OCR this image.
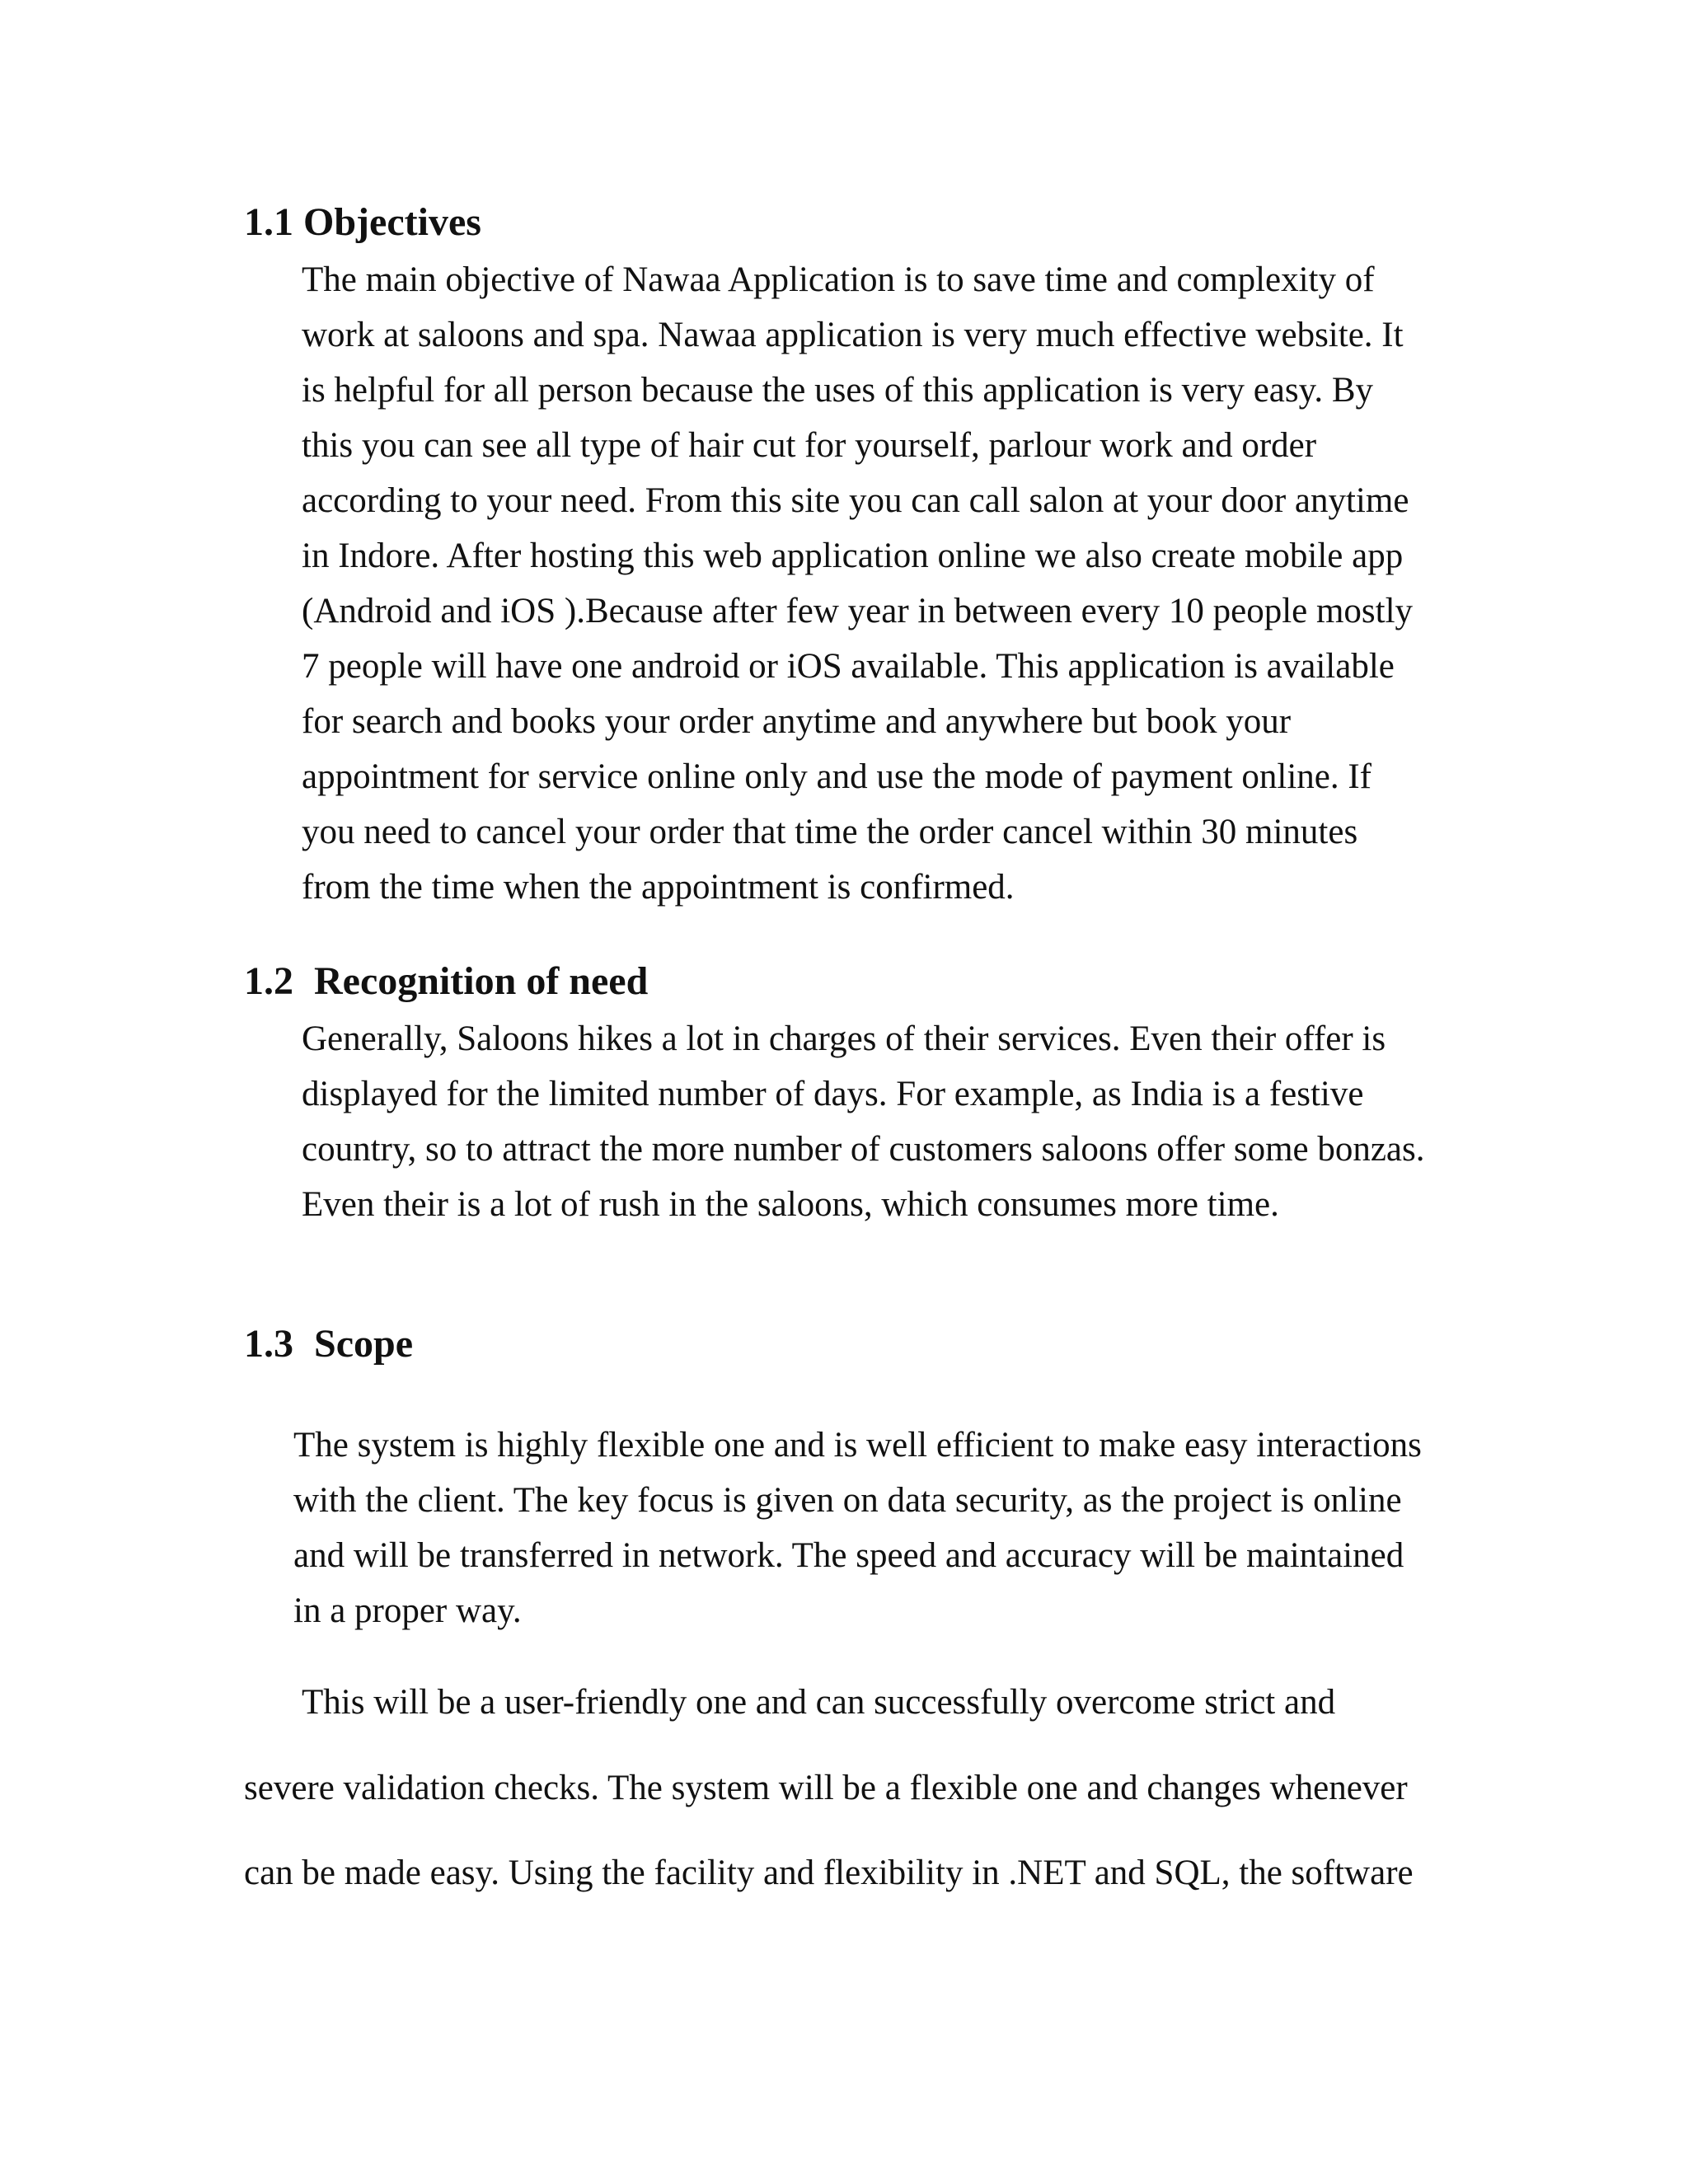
1.1 Objectives

The main objective of Nawaa Application is to save time and complexity of

work at saloons and spa. Nawaa application is very much effective website. It

is helpful for all person because the uses of this application is very easy. By

this you can see all type of hair cut for yourself, parlour work and order

according to your need. From this site you can call salon at your door anytime

in Indore. After hosting this web application online we also create mobile app

(Android and iOS ).Because after few year in between every 10 people mostly

7 people will have one android or iOS available. This application is available

for search and books your order anytime and anywhere but book your

appointment for service online only and use the mode of payment online. If

you need to cancel your order that time the order cancel within 30 minutes

from the time when the appointment is confirmed.

1.2 Recognition of need

Generally, Saloons hikes a lot in charges of their services. Even their offer is

displayed for the limited number of days. For example, as India is a festive

country, so to attract the more number of customers saloons offer some bonzas.

Even their is a lot of rush in the saloons, which consumes more time.

1.3 Scope

The system is highly flexible one and is well efficient to make easy interactions

with the client. The key focus is given on data security, as the project is online

and will be transferred in network. The speed and accuracy will be maintained

in a proper way.

This will be a user-friendly one and can successfully overcome strict and

severe validation checks. The system will be a flexible one and changes whenever

can be made easy. Using the facility and flexibility in .NET and SQL, the software
